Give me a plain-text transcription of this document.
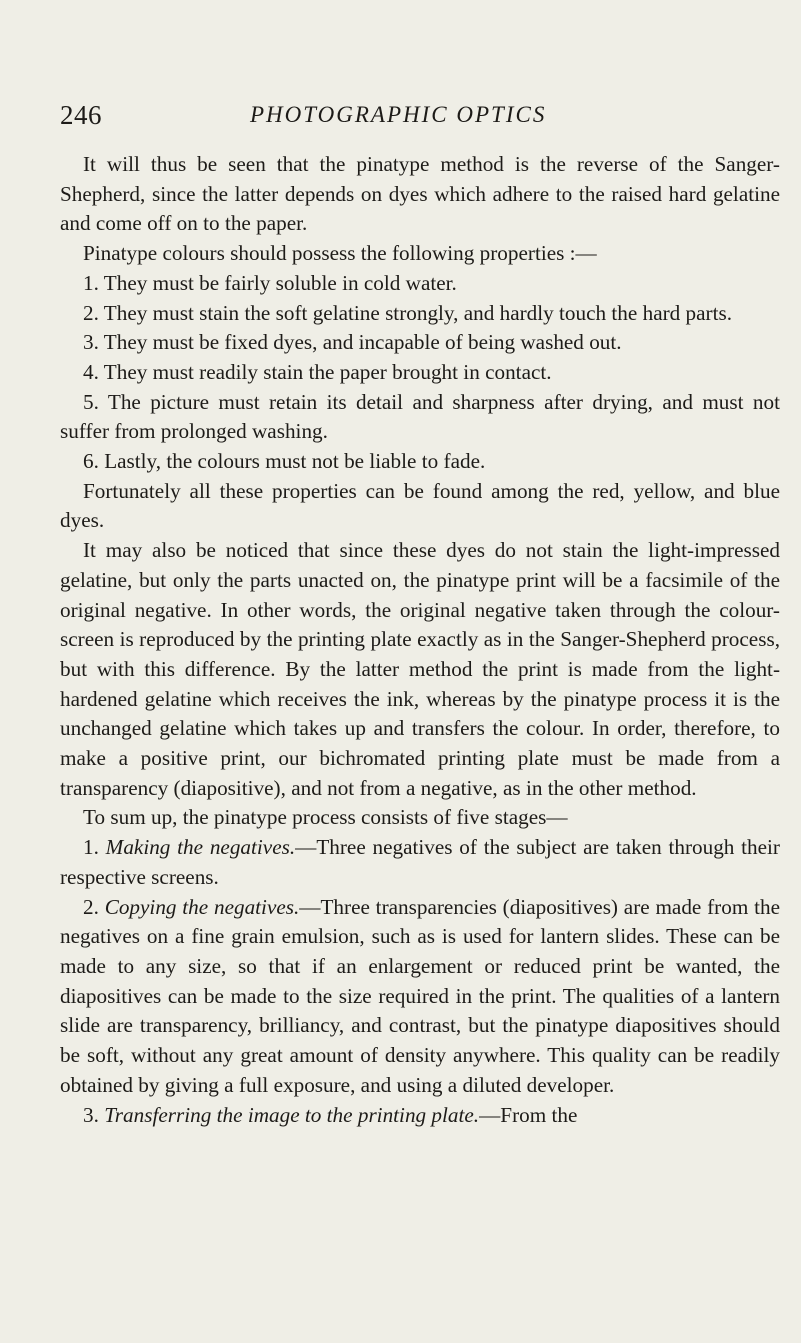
246	PHOTOGRAPHIC OPTICS

It will thus be seen that the pinatype method is the reverse of the Sanger-Shepherd, since the latter depends on dyes which adhere to the raised hard gelatine and come off on to the paper.

Pinatype colours should possess the following properties :—

1. They must be fairly soluble in cold water.

2. They must stain the soft gelatine strongly, and hardly touch the hard parts.

3. They must be fixed dyes, and incapable of being washed out.

4. They must readily stain the paper brought in contact.

5. The picture must retain its detail and sharpness after drying, and must not suffer from prolonged washing.

6. Lastly, the colours must not be liable to fade.

Fortunately all these properties can be found among the red, yellow, and blue dyes.

It may also be noticed that since these dyes do not stain the light-impressed gelatine, but only the parts unacted on, the pinatype print will be a facsimile of the original negative. In other words, the original negative taken through the colour-screen is reproduced by the printing plate exactly as in the Sanger-Shepherd process, but with this difference. By the latter method the print is made from the light-hardened gelatine which receives the ink, whereas by the pinatype process it is the unchanged gelatine which takes up and transfers the colour. In order, therefore, to make a positive print, our bichromated printing plate must be made from a transparency (diapositive), and not from a negative, as in the other method.

To sum up, the pinatype process consists of five stages—

1. Making the negatives.—Three negatives of the subject are taken through their respective screens.

2. Copying the negatives.—Three transparencies (diapositives) are made from the negatives on a fine grain emulsion, such as is used for lantern slides. These can be made to any size, so that if an enlargement or reduced print be wanted, the diapositives can be made to the size required in the print. The qualities of a lantern slide are transparency, brilliancy, and contrast, but the pinatype diapositives should be soft, without any great amount of density anywhere. This quality can be readily obtained by giving a full exposure, and using a diluted developer.

3. Transferring the image to the printing plate.—From the
